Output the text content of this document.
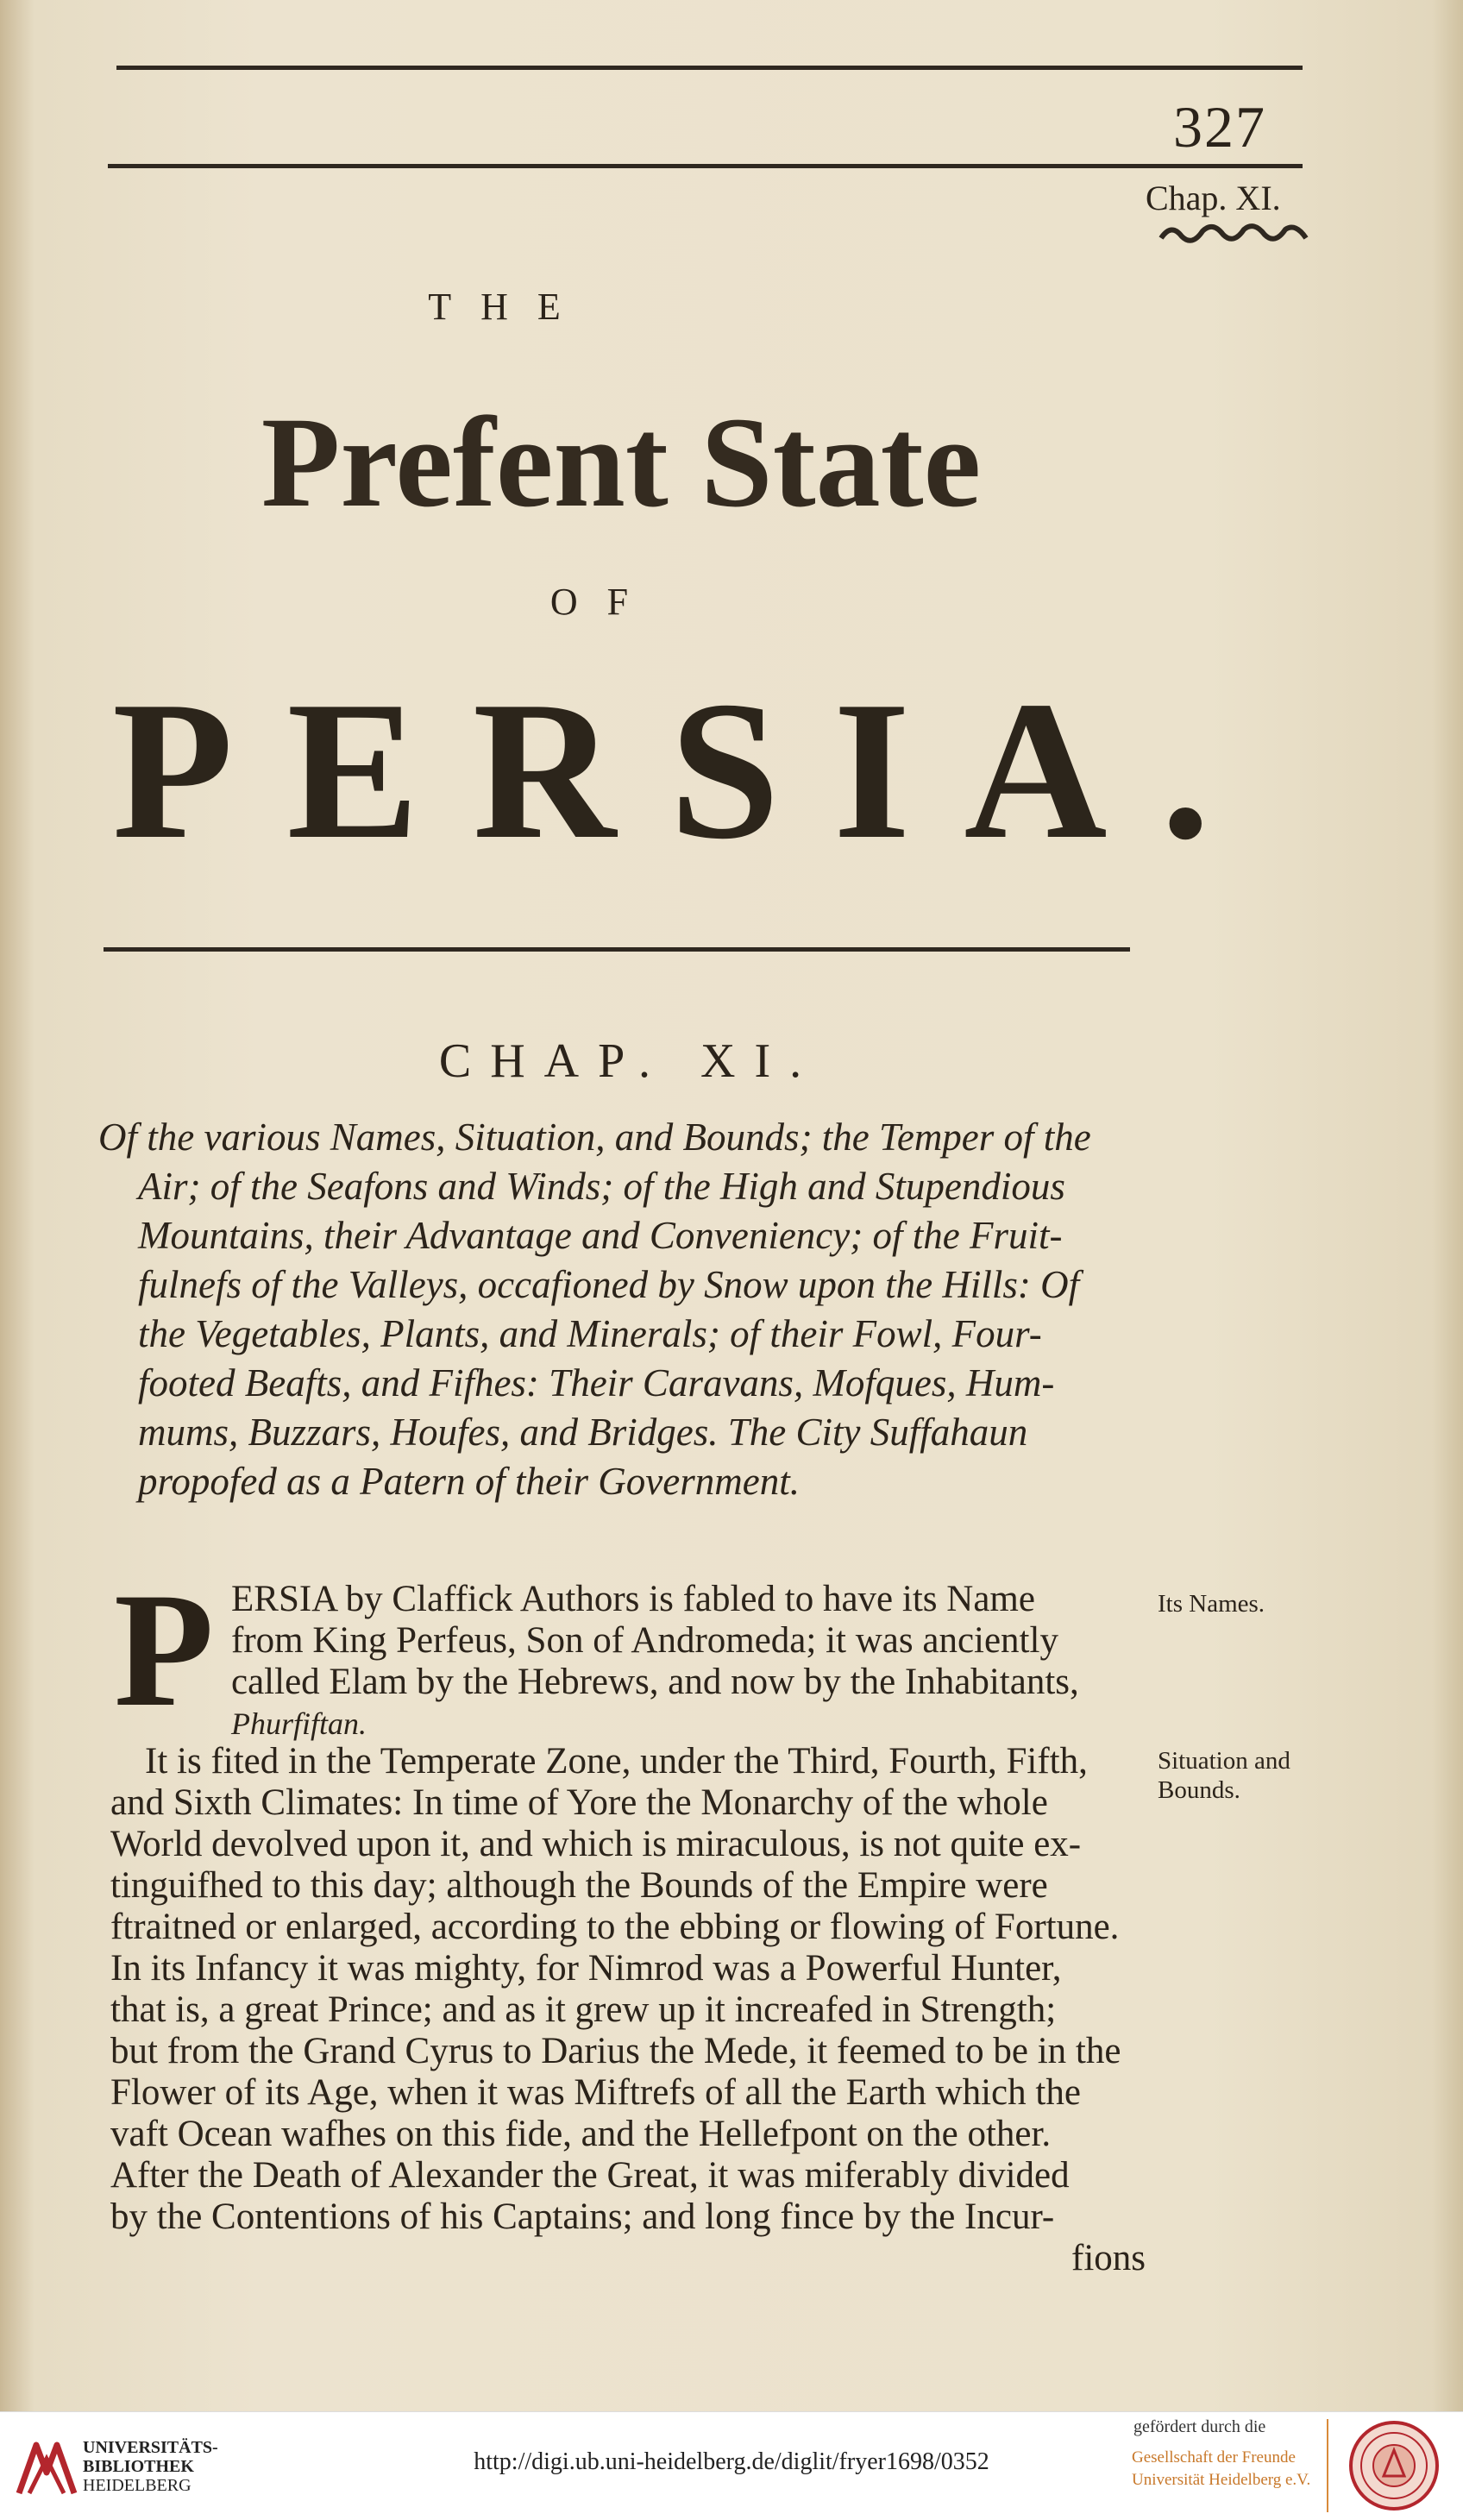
327
Chap. XI.
THE
Prefent State
OF
PERSIA.
CHAP. XI.
Of the various Names, Situation, and Bounds; the Temper of the
Air; of the Seafons and Winds; of the High and Stupendious
Mountains, their Advantage and Conveniency; of the Fruit-
fulnefs of the Valleys, occafioned by Snow upon the Hills: Of
the Vegetables, Plants, and Minerals; of their Fowl, Four-
footed Beafts, and Fifhes: Their Caravans, Mofques, Hum-
mums, Buzzars, Houfes, and Bridges. The City Suffahaun
propofed as a Patern of their Government.
P ERSIA by Claffick Authors is fabled to have its Name
from King Perfeus, Son of Andromeda; it was anciently
called Elam by the Hebrews, and now by the Inhabitants,
Phurfiftan.
It is fited in the Temperate Zone, under the Third, Fourth, Fifth,
and Sixth Climates: In time of Yore the Monarchy of the whole
World devolved upon it, and which is miraculous, is not quite ex-
tinguifhed to this day; although the Bounds of the Empire were
ftraitned or enlarged, according to the ebbing or flowing of Fortune.
In its Infancy it was mighty, for Nimrod was a Powerful Hunter,
that is, a great Prince; and as it grew up it increafed in Strength;
but from the Grand Cyrus to Darius the Mede, it feemed to be in the
Flower of its Age, when it was Miftrefs of all the Earth which the
vaft Ocean wafhes on this fide, and the Hellefpont on the other.
After the Death of Alexander the Great, it was miferably divided
by the Contentions of his Captains; and long fince by the Incur-
fions
Its Names.
Situation and
Bounds.
UNIVERSITÄTS-
BIBLIOTHEK
HEIDELBERG
http://digi.ub.uni-heidelberg.de/diglit/fryer1698/0352
gefördert durch die
Gesellschaft der Freunde
Universität Heidelberg e.V.
